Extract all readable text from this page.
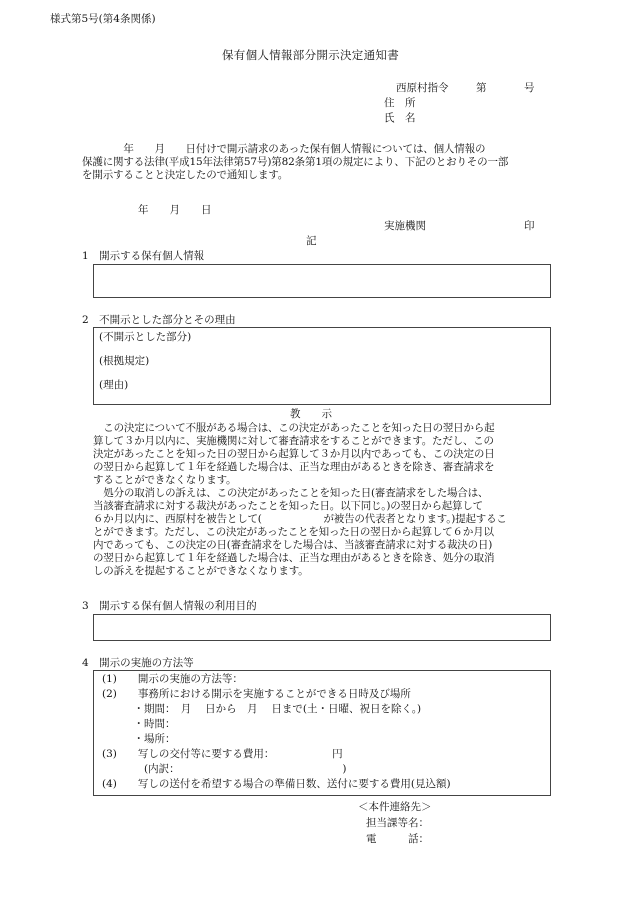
様式第5号(第4条関係)
保有個人情報部分開示決定通知書
西原村指令	第	号
住　所
氏　名
　　　　年　　月　　日付けで開示請求のあった保有個人情報については、個人情報の
保護に関する法律(平成15年法律第57号)第82条第1項の規定により、下記のとおりその一部
を開示することと決定したので通知します。
年　　月　　日
実施機関	印
記
1　開示する保有個人情報
2　不開示とした部分とその理由
(不開示とした部分)
(根拠規定)
(理由)
教　　示
　この決定について不服がある場合は、この決定があったことを知った日の翌日から起
算して３か月以内に、実施機関に対して審査請求をすることができます。ただし、この
決定があったことを知った日の翌日から起算して３か月以内であっても、この決定の日
の翌日から起算して１年を経過した場合は、正当な理由があるときを除き、審査請求を
することができなくなります。
　処分の取消しの訴えは、この決定があったことを知った日(審査請求をした場合は、
当該審査請求に対する裁決があったことを知った日。以下同じ。)の翌日から起算して
６か月以内に、西原村を被告として(　　　　　　が被告の代表者となります。)提起するこ
とができます。ただし、この決定があったことを知った日の翌日から起算して６か月以
内であっても、この決定の日(審査請求をした場合は、当該審査請求に対する裁決の日)
の翌日から起算して１年を経過した場合は、正当な理由があるときを除き、処分の取消
しの訴えを提起することができなくなります。
3　開示する保有個人情報の利用目的
4　開示の実施の方法等
(1)　　開示の実施の方法等：
(2)　　事務所における開示を実施することができる日時及び場所
　　　・期間：　月　 日から　月　 日まで(土・日曜、祝日を除く。)
　　　・時間：
　　　・場所：
(3)　　写しの交付等に要する費用：　　　　　　円
　　　　(内訳：　　　　　　　　　　　　　　　　)
(4)　　写しの送付を希望する場合の準備日数、送付に要する費用(見込額)
＜本件連絡先＞
担当課等名：
電　　　話：
